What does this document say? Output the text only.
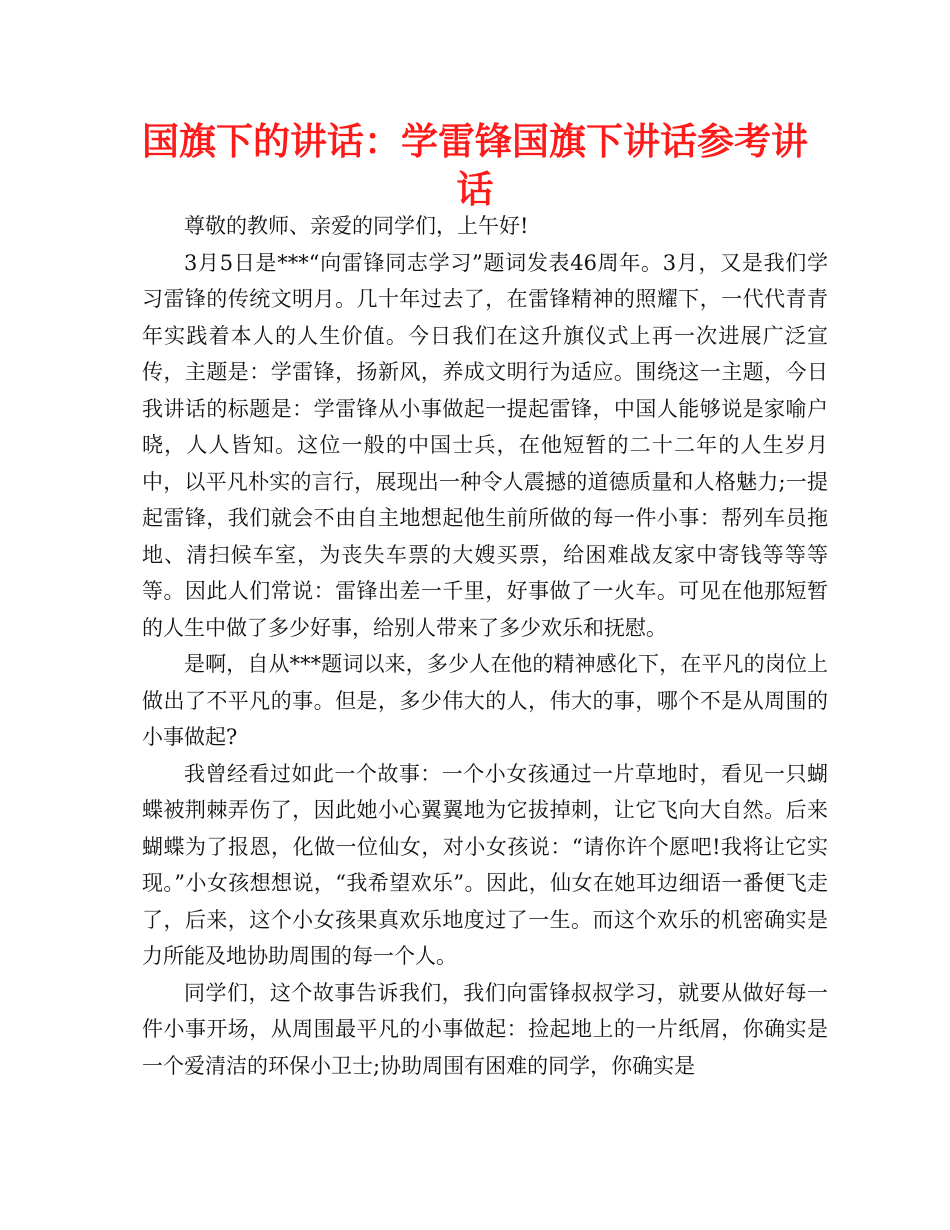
国旗下的讲话：学雷锋国旗下讲话参考讲话

尊敬的教师、亲爱的同学们，上午好!

3月5日是***“向雷锋同志学习”题词发表46周年。3月，又是我们学习雷锋的传统文明月。几十年过去了，在雷锋精神的照耀下，一代代青青年实践着本人的人生价值。今日我们在这升旗仪式上再一次进展广泛宣传，主题是：学雷锋，扬新风，养成文明行为适应。围绕这一主题，今日我讲话的标题是：学雷锋从小事做起一提起雷锋，中国人能够说是家喻户晓，人人皆知。这位一般的中国士兵，在他短暂的二十二年的人生岁月中，以平凡朴实的言行，展现出一种令人震撼的道德质量和人格魅力;一提起雷锋，我们就会不由自主地想起他生前所做的每一件小事：帮列车员拖地、清扫候车室，为丧失车票的大嫂买票，给困难战友家中寄钱等等等等。因此人们常说：雷锋出差一千里，好事做了一火车。可见在他那短暂的人生中做了多少好事，给别人带来了多少欢乐和抚慰。

是啊，自从***题词以来，多少人在他的精神感化下，在平凡的岗位上做出了不平凡的事。但是，多少伟大的人，伟大的事，哪个不是从周围的小事做起?

我曾经看过如此一个故事：一个小女孩通过一片草地时，看见一只蝴蝶被荆棘弄伤了，因此她小心翼翼地为它拔掉刺，让它飞向大自然。后来蝴蝶为了报恩，化做一位仙女，对小女孩说：“请你许个愿吧!我将让它实现。”小女孩想想说，“我希望欢乐”。因此，仙女在她耳边细语一番便飞走了，后来，这个小女孩果真欢乐地度过了一生。而这个欢乐的机密确实是力所能及地协助周围的每一个人。

同学们，这个故事告诉我们，我们向雷锋叔叔学习，就要从做好每一件小事开场，从周围最平凡的小事做起：捡起地上的一片纸屑，你确实是一个爱清洁的环保小卫士;协助周围有困难的同学，你确实是
